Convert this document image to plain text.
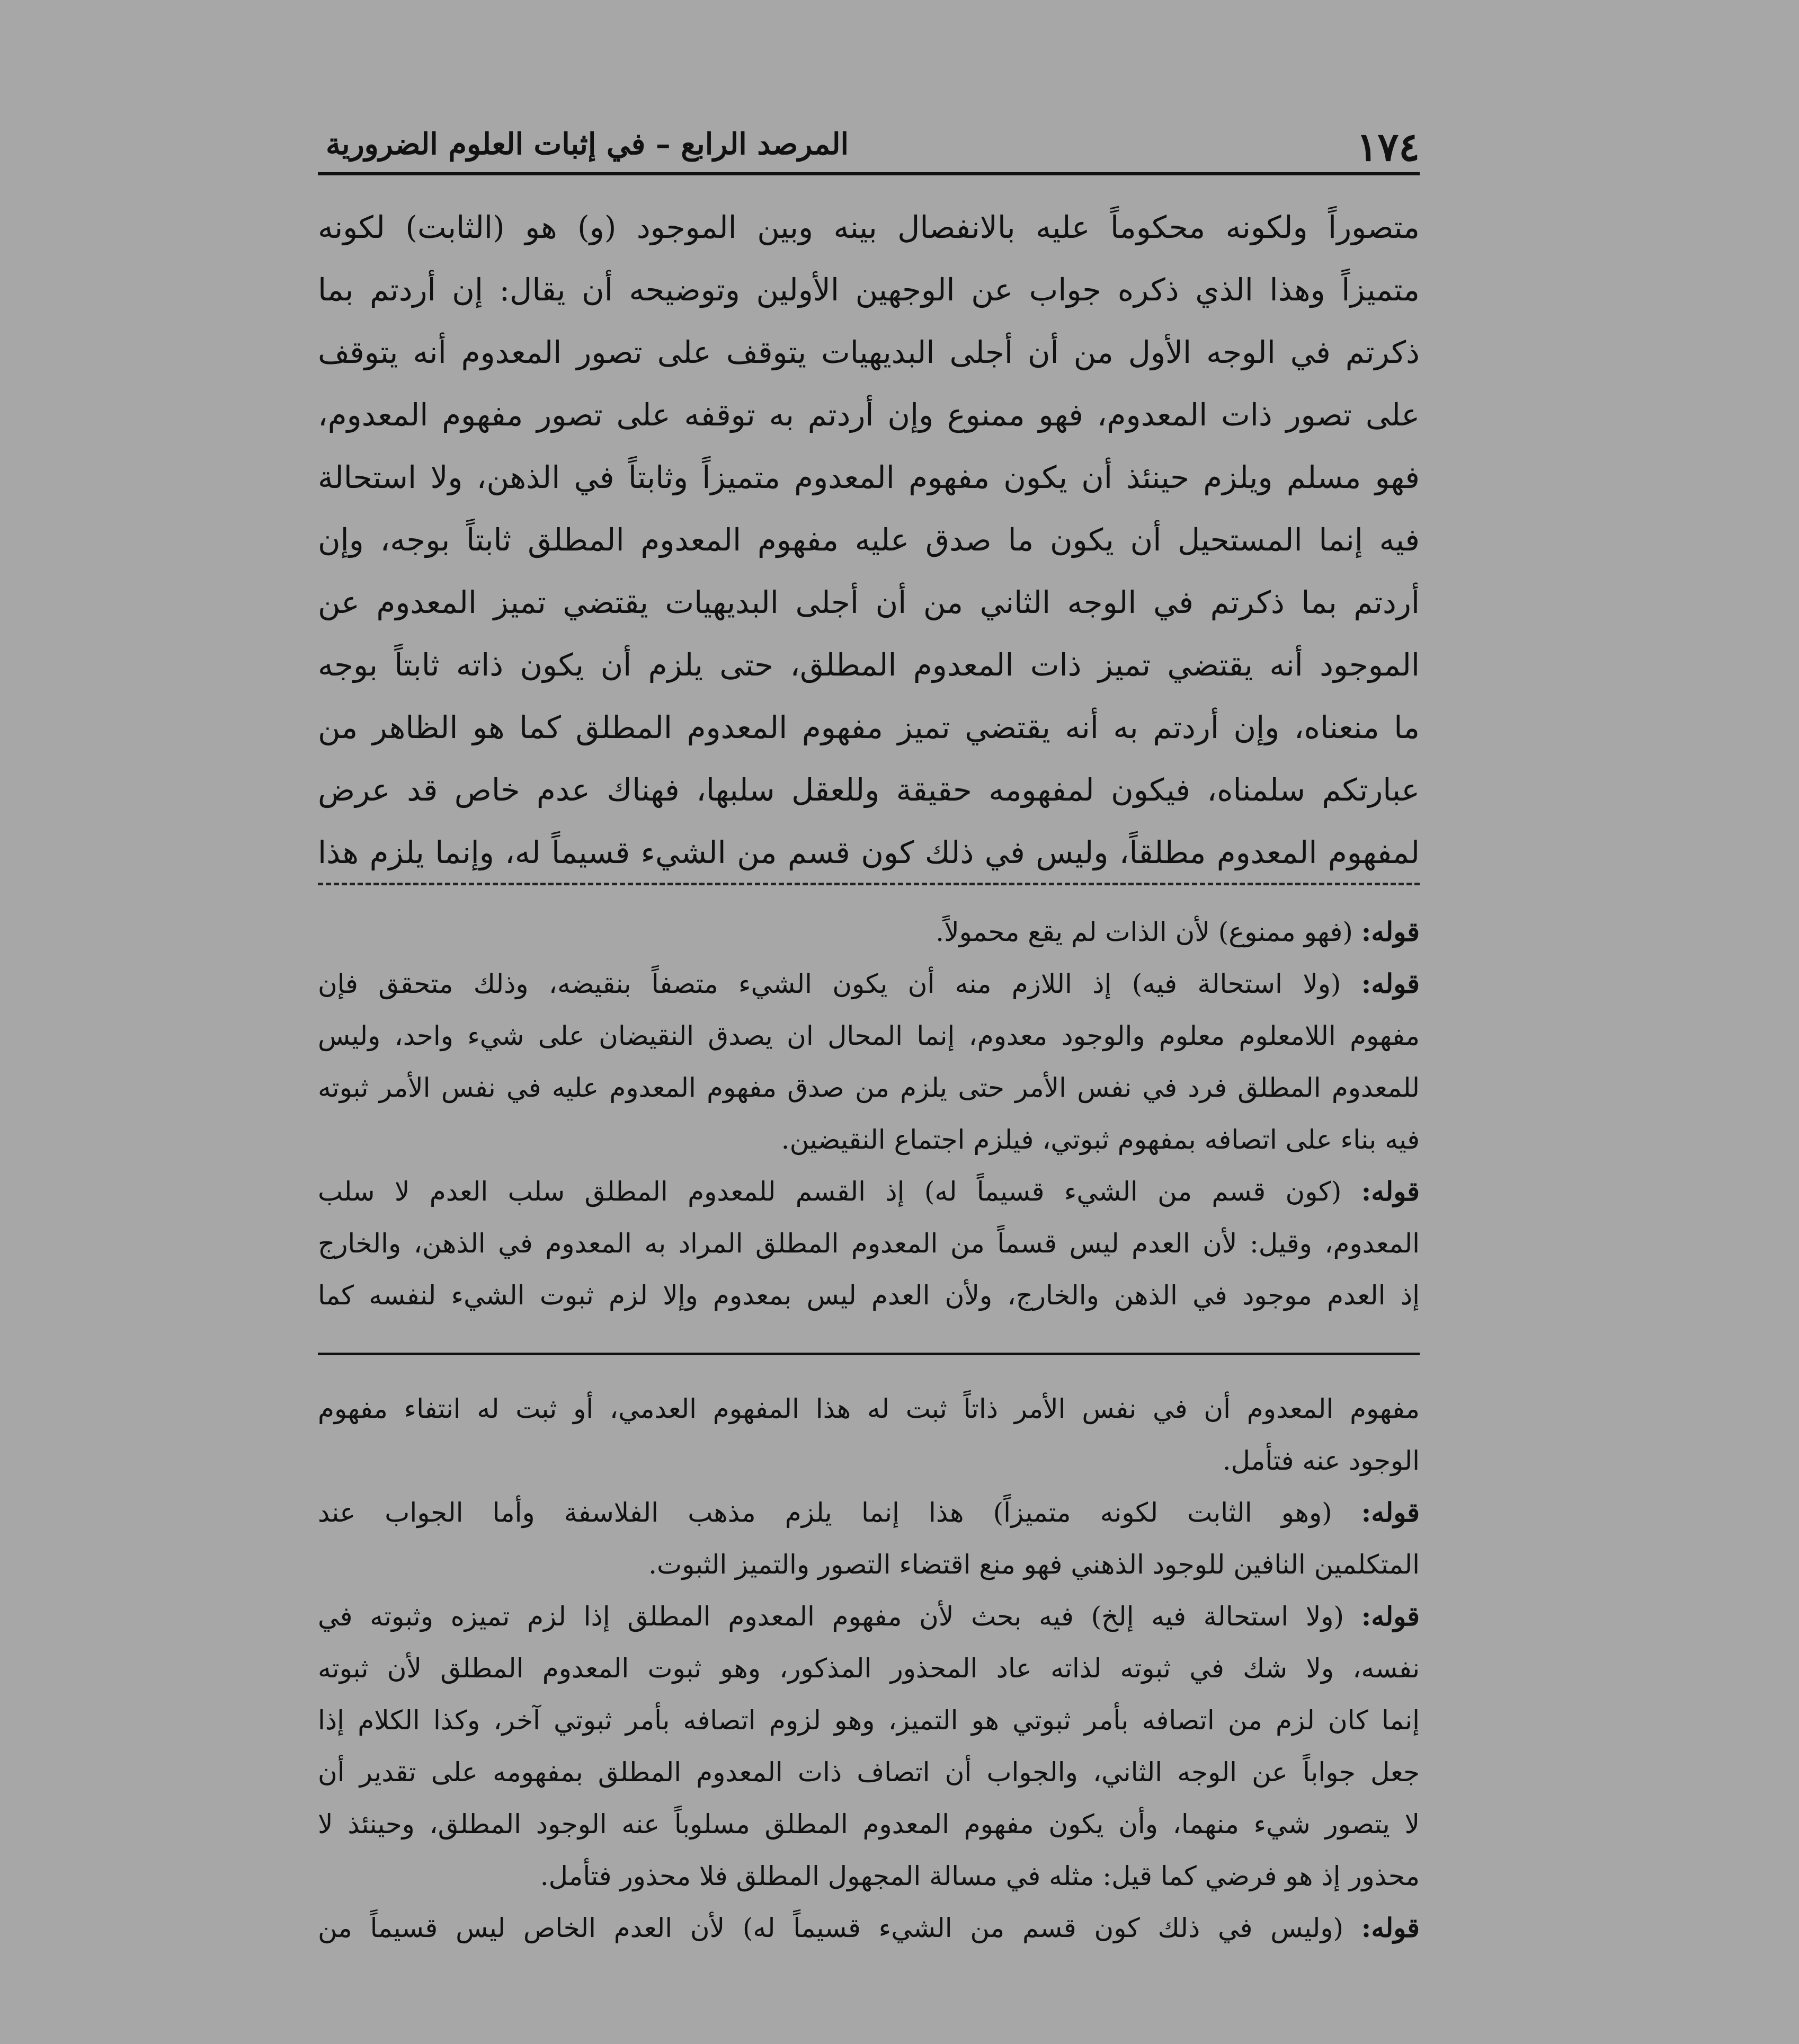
١٧٤
المرصد الرابع – في إثبات العلوم الضرورية

متصوراً ولكونه محكوماً عليه بالانفصال بينه وبين الموجود (و) هو (الثابت) لكونه

متميزاً وهذا الذي ذكره جواب عن الوجهين الأولين وتوضيحه أن يقال: إن أردتم بما

ذكرتم في الوجه الأول من أن أجلى البديهيات يتوقف على تصور المعدوم أنه يتوقف

على تصور ذات المعدوم، فهو ممنوع وإن أردتم به توقفه على تصور مفهوم المعدوم،

فهو مسلم ويلزم حينئذ أن يكون مفهوم المعدوم متميزاً وثابتاً في الذهن، ولا استحالة

فيه إنما المستحيل أن يكون ما صدق عليه مفهوم المعدوم المطلق ثابتاً بوجه، وإن

أردتم بما ذكرتم في الوجه الثاني من أن أجلى البديهيات يقتضي تميز المعدوم عن

الموجود أنه يقتضي تميز ذات المعدوم المطلق، حتى يلزم أن يكون ذاته ثابتاً بوجه

ما منعناه، وإن أردتم به أنه يقتضي تميز مفهوم المعدوم المطلق كما هو الظاهر من

عبارتكم سلمناه، فيكون لمفهومه حقيقة وللعقل سلبها، فهناك عدم خاص قد عرض

لمفهوم المعدوم مطلقاً، وليس في ذلك كون قسم من الشيء قسيماً له، وإنما يلزم هذا

قوله: (فهو ممنوع) لأن الذات لم يقع محمولاً.

قوله: (ولا استحالة فيه) إذ اللازم منه أن يكون الشيء متصفاً بنقيضه، وذلك متحقق فإن

مفهوم اللامعلوم معلوم والوجود معدوم، إنما المحال ان يصدق النقيضان على شيء واحد، وليس

للمعدوم المطلق فرد في نفس الأمر حتى يلزم من صدق مفهوم المعدوم عليه في نفس الأمر ثبوته

فيه بناء على اتصافه بمفهوم ثبوتي، فيلزم اجتماع النقيضين.

قوله: (كون قسم من الشيء قسيماً له) إذ القسم للمعدوم المطلق سلب العدم لا سلب

المعدوم، وقيل: لأن العدم ليس قسماً من المعدوم المطلق المراد به المعدوم في الذهن، والخارج

إذ العدم موجود في الذهن والخارج، ولأن العدم ليس بمعدوم وإلا لزم ثبوت الشيء لنفسه كما

مفهوم المعدوم أن في نفس الأمر ذاتاً ثبت له هذا المفهوم العدمي، أو ثبت له انتفاء مفهوم

الوجود عنه فتأمل.

قوله: (وهو الثابت لكونه متميزاً) هذا إنما يلزم مذهب الفلاسفة وأما الجواب عند

المتكلمين النافين للوجود الذهني فهو منع اقتضاء التصور والتميز الثبوت.

قوله: (ولا استحالة فيه إلخ) فيه بحث لأن مفهوم المعدوم المطلق إذا لزم تميزه وثبوته في

نفسه، ولا شك في ثبوته لذاته عاد المحذور المذكور، وهو ثبوت المعدوم المطلق لأن ثبوته

إنما كان لزم من اتصافه بأمر ثبوتي هو التميز، وهو لزوم اتصافه بأمر ثبوتي آخر، وكذا الكلام إذا

جعل جواباً عن الوجه الثاني، والجواب أن اتصاف ذات المعدوم المطلق بمفهومه على تقدير أن

لا يتصور شيء منهما، وأن يكون مفهوم المعدوم المطلق مسلوباً عنه الوجود المطلق، وحينئذ لا

محذور إذ هو فرضي كما قيل: مثله في مسالة المجهول المطلق فلا محذور فتأمل.

قوله: (وليس في ذلك كون قسم من الشيء قسيماً له) لأن العدم الخاص ليس قسيماً من
